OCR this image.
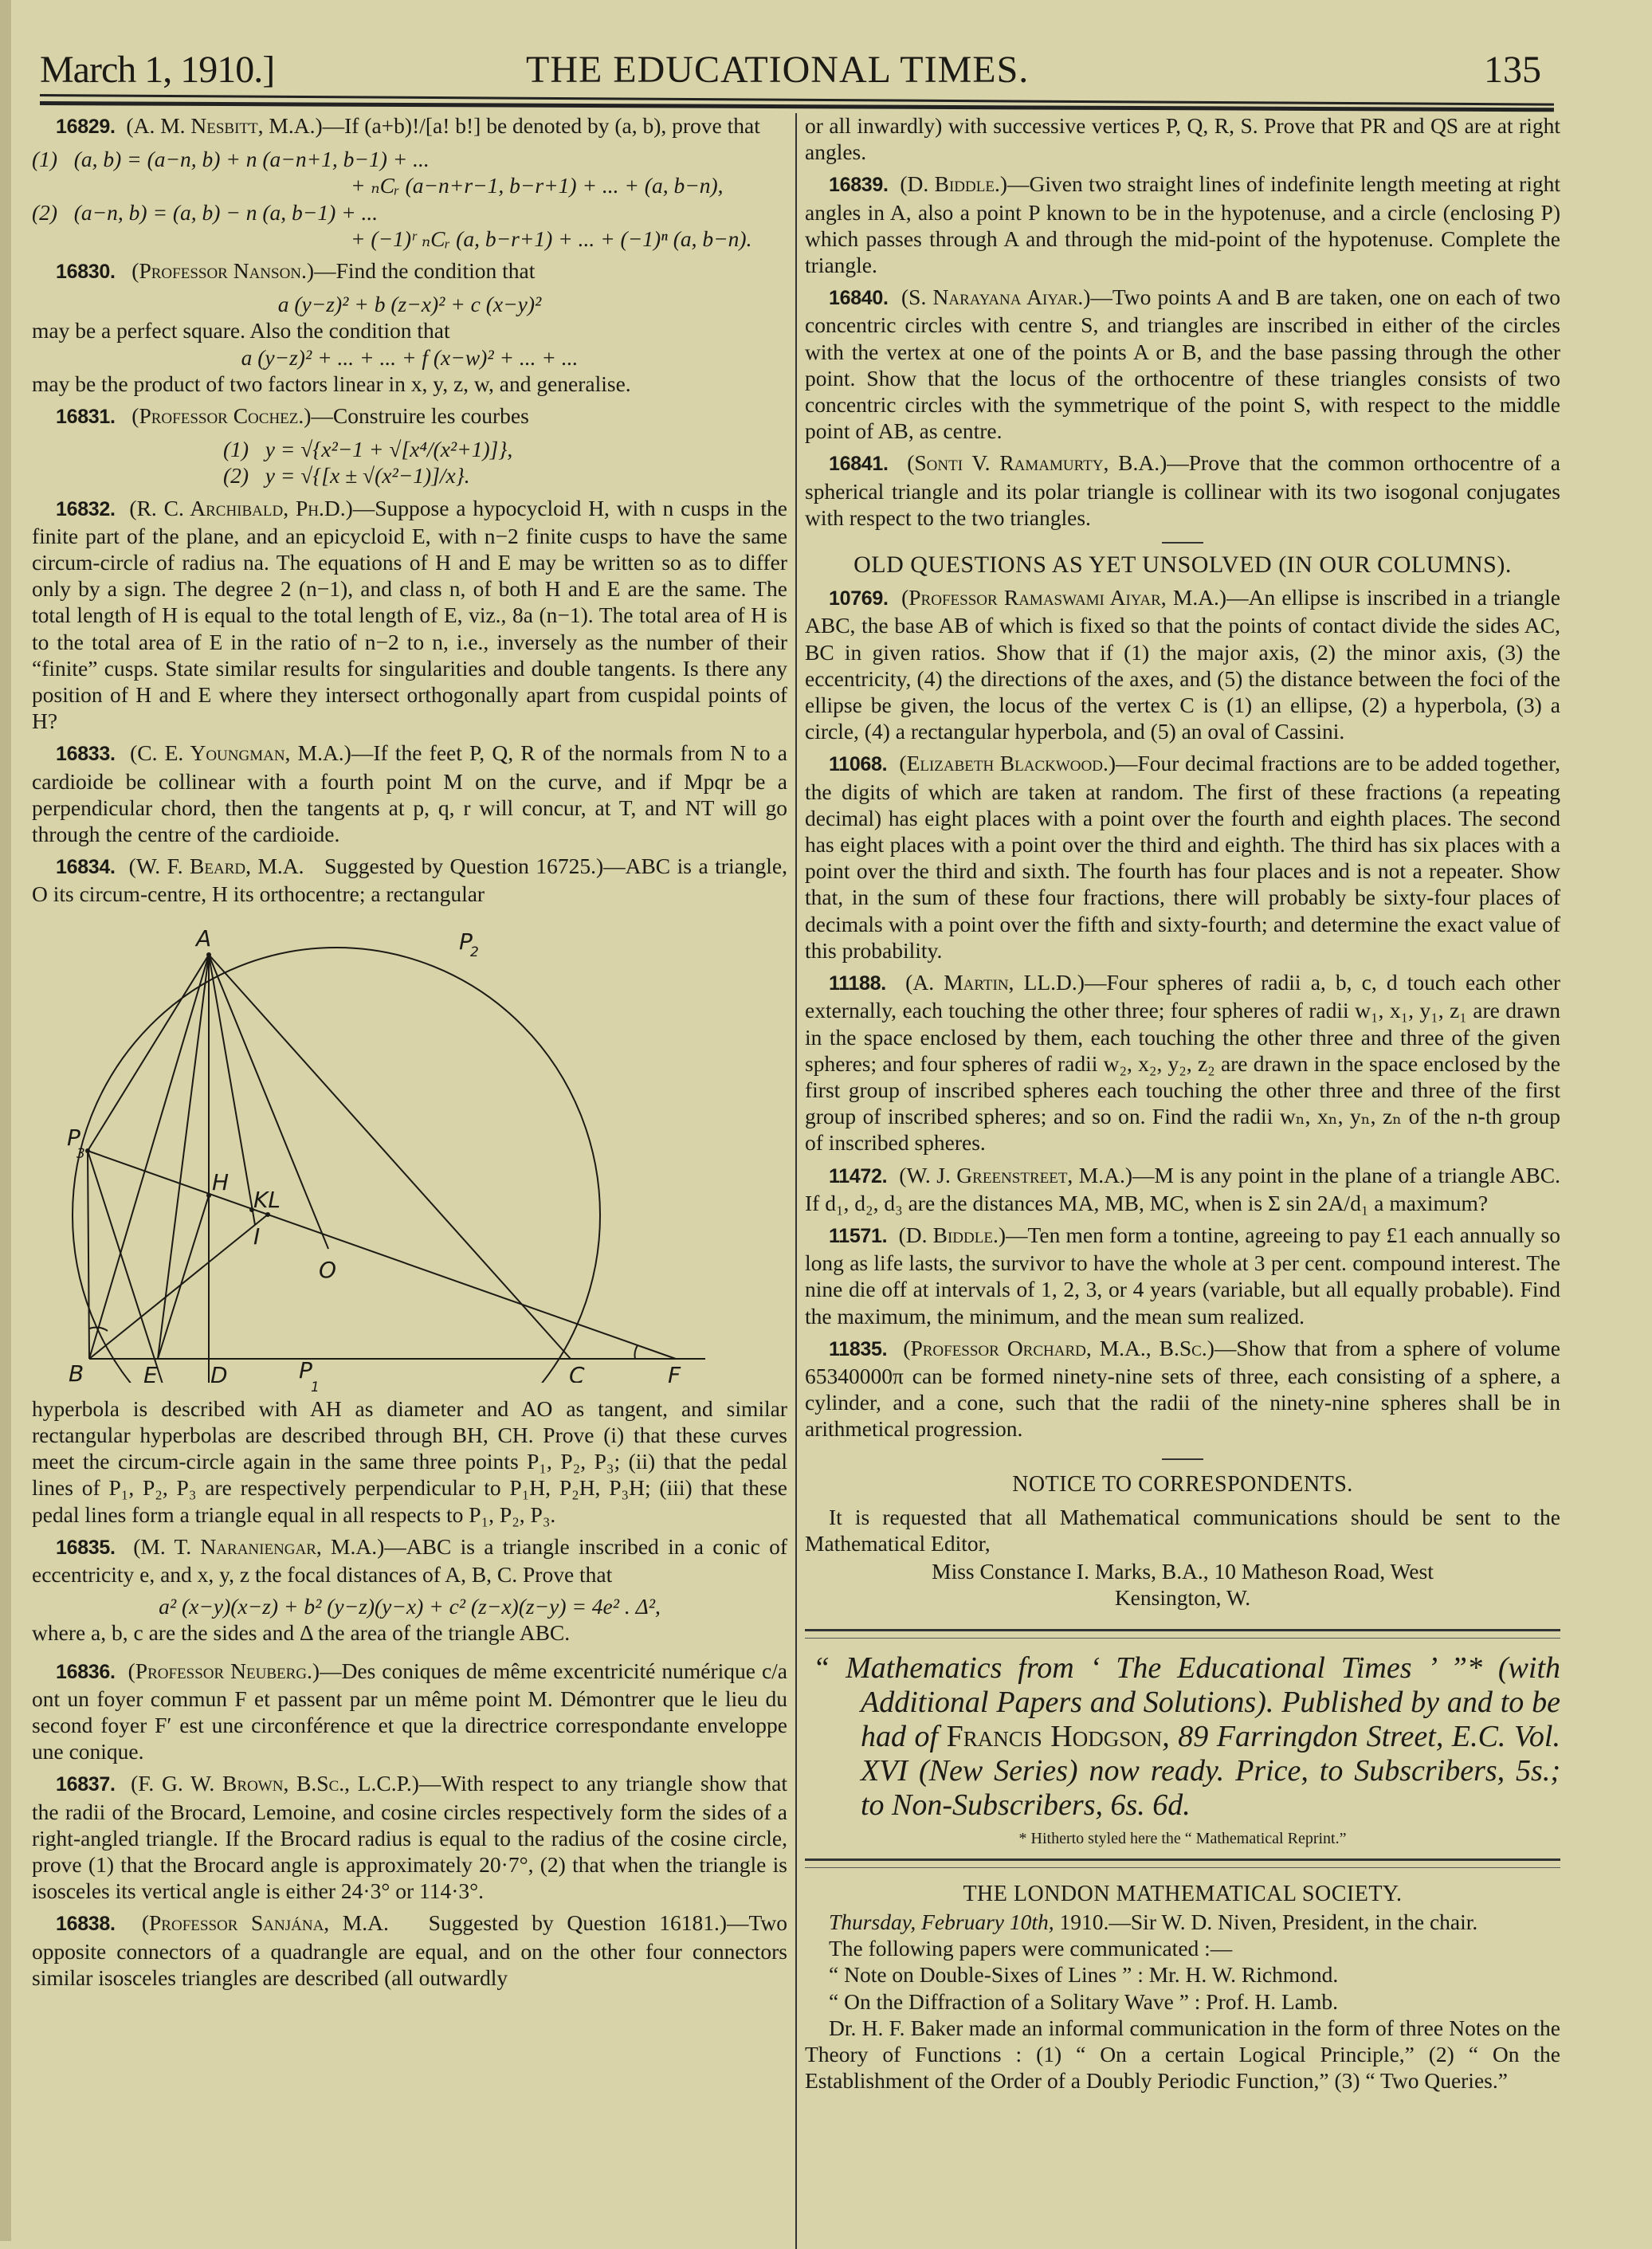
March 1, 1910.]	THE EDUCATIONAL TIMES.	135

16829. (A. M. Nesbitt, M.A.)—If (a+b)!/[a! b!] be denoted by (a, b), prove that

(1)   (a, b) = (a−n, b) + n (a−n+1, b−1) + ...

+ ₙCᵣ (a−n+r−1, b−r+1) + ... + (a, b−n),

(2)   (a−n, b) = (a, b) − n (a, b−1) + ...

+ (−1)ʳ ₙCᵣ (a, b−r+1) + ... + (−1)ⁿ (a, b−n).

16830. (Professor Nanson.)—Find the condition that

a (y−z)² + b (z−x)² + c (x−y)²

may be a perfect square. Also the condition that

a (y−z)² + ... + ... + f (x−w)² + ... + ...

may be the product of two factors linear in x, y, z, w, and generalise.

16831. (Professor Cochez.)—Construire les courbes

(1)   y = √{x²−1 + √[x⁴/(x²+1)]},

(2)   y = √{[x ± √(x²−1)]/x}.

16832. (R. C. Archibald, Ph.D.)—Suppose a hypocycloid H, with n cusps in the finite part of the plane, and an epicycloid E, with n−2 finite cusps to have the same circum-circle of radius na. The equations of H and E may be written so as to differ only by a sign. The degree 2 (n−1), and class n, of both H and E are the same. The total length of H is equal to the total length of E, viz., 8a (n−1). The total area of H is to the total area of E in the ratio of n−2 to n, i.e., inversely as the number of their “finite” cusps. State similar results for singularities and double tangents. Is there any position of H and E where they intersect orthogonally apart from cuspidal points of H?

16833. (C. E. Youngman, M.A.)—If the feet P, Q, R of the normals from N to a cardioide be collinear with a fourth point M on the curve, and if Mpqr be a perpendicular chord, then the tangents at p, q, r will concur, at T, and NT will go through the centre of the cardioide.

16834. (W. F. Beard, M.A. Suggested by Question 16725.)—ABC is a triangle, O its circum-centre, H its orthocentre; a rectangular

A	P
2
P
3
H
KL
I
O
B	E D	C	F
P
1

hyperbola is described with AH as diameter and AO as tangent, and similar rectangular hyperbolas are described through BH, CH. Prove (i) that these curves meet the circum-circle again in the same three points P₁, P₂, P₃; (ii) that the pedal lines of P₁, P₂, P₃ are respectively perpendicular to P₁H, P₂H, P₃H; (iii) that these pedal lines form a triangle equal in all respects to P₁, P₂, P₃.

16835. (M. T. Naraniengar, M.A.)—ABC is a triangle inscribed in a conic of eccentricity e, and x, y, z the focal distances of A, B, C. Prove that

a² (x−y)(x−z) + b² (y−z)(y−x) + c² (z−x)(z−y) = 4e² . Δ²,

where a, b, c are the sides and Δ the area of the triangle ABC.

16836. (Professor Neuberg.)—Des coniques de même excentricité numérique c/a ont un foyer commun F et passent par un même point M. Démontrer que le lieu du second foyer F′ est une circonférence et que la directrice correspondante enveloppe une conique.

16837. (F. G. W. Brown, B.Sc., L.C.P.)—With respect to any triangle show that the radii of the Brocard, Lemoine, and cosine circles respectively form the sides of a right-angled triangle. If the Brocard radius is equal to the radius of the cosine circle, prove (1) that the Brocard angle is approximately 20·7°, (2) that when the triangle is isosceles its vertical angle is either 24·3° or 114·3°.

16838. (Professor Sanjána, M.A. Suggested by Question 16181.)—Two opposite connectors of a quadrangle are equal, and on the other four connectors similar isosceles triangles are described (all outwardly

or all inwardly) with successive vertices P, Q, R, S. Prove that PR and QS are at right angles.

16839. (D. Biddle.)—Given two straight lines of indefinite length meeting at right angles in A, also a point P known to be in the hypotenuse, and a circle (enclosing P) which passes through A and through the mid-point of the hypotenuse. Complete the triangle.

16840. (S. Narayana Aiyar.)—Two points A and B are taken, one on each of two concentric circles with centre S, and triangles are inscribed in either of the circles with the vertex at one of the points A or B, and the base passing through the other point. Show that the locus of the orthocentre of these triangles consists of two concentric circles with the symmetrique of the point S, with respect to the middle point of AB, as centre.

16841. (Sonti V. Ramamurty, B.A.)—Prove that the common orthocentre of a spherical triangle and its polar triangle is collinear with its two isogonal conjugates with respect to the two triangles.

OLD QUESTIONS AS YET UNSOLVED (IN OUR COLUMNS).

10769. (Professor Ramaswami Aiyar, M.A.)—An ellipse is inscribed in a triangle ABC, the base AB of which is fixed so that the points of contact divide the sides AC, BC in given ratios. Show that if (1) the major axis, (2) the minor axis, (3) the eccentricity, (4) the directions of the axes, and (5) the distance between the foci of the ellipse be given, the locus of the vertex C is (1) an ellipse, (2) a hyperbola, (3) a circle, (4) a rectangular hyperbola, and (5) an oval of Cassini.

11068. (Elizabeth Blackwood.)—Four decimal fractions are to be added together, the digits of which are taken at random. The first of these fractions (a repeating decimal) has eight places with a point over the fourth and eighth places. The second has eight places with a point over the third and eighth. The third has six places with a point over the third and sixth. The fourth has four places and is not a repeater. Show that, in the sum of these four fractions, there will probably be sixty-four places of decimals with a point over the fifth and sixty-fourth; and determine the exact value of this probability.

11188. (A. Martin, LL.D.)—Four spheres of radii a, b, c, d touch each other externally, each touching the other three; four spheres of radii w₁, x₁, y₁, z₁ are drawn in the space enclosed by them, each touching the other three and three of the given spheres; and four spheres of radii w₂, x₂, y₂, z₂ are drawn in the space enclosed by the first group of inscribed spheres each touching the other three and three of the first group of inscribed spheres; and so on. Find the radii wₙ, xₙ, yₙ, zₙ of the n-th group of inscribed spheres.

11472. (W. J. Greenstreet, M.A.)—M is any point in the plane of a triangle ABC. If d₁, d₂, d₃ are the distances MA, MB, MC, when is Σ sin 2A/d₁ a maximum?

11571. (D. Biddle.)—Ten men form a tontine, agreeing to pay £1 each annually so long as life lasts, the survivor to have the whole at 3 per cent. compound interest. The nine die off at intervals of 1, 2, 3, or 4 years (variable, but all equally probable). Find the maximum, the minimum, and the mean sum realized.

11835. (Professor Orchard, M.A., B.Sc.)—Show that from a sphere of volume 65340000π can be formed ninety-nine sets of three, each consisting of a sphere, a cylinder, and a cone, such that the radii of the ninety-nine spheres shall be in arithmetical progression.

NOTICE TO CORRESPONDENTS.

It is requested that all Mathematical communications should be sent to the Mathematical Editor,

Miss Constance I. Marks, B.A., 10 Matheson Road, West

Kensington, W.

“ Mathematics from ‘ The Educational Times ’ ”* (with Additional Papers and Solutions). Published by and to be had of Francis Hodgson, 89 Farringdon Street, E.C. Vol. XVI (New Series) now ready. Price, to Subscribers, 5s.; to Non-Subscribers, 6s. 6d.

* Hitherto styled here the “ Mathematical Reprint.”

THE LONDON MATHEMATICAL SOCIETY.

Thursday, February 10th, 1910.—Sir W. D. Niven, President, in the chair.

The following papers were communicated :—

“ Note on Double-Sixes of Lines ” : Mr. H. W. Richmond.

“ On the Diffraction of a Solitary Wave ” : Prof. H. Lamb.

Dr. H. F. Baker made an informal communication in the form of three Notes on the Theory of Functions : (1) “ On a certain Logical Principle,” (2) “ On the Establishment of the Order of a Doubly Periodic Function,” (3) “ Two Queries.”
